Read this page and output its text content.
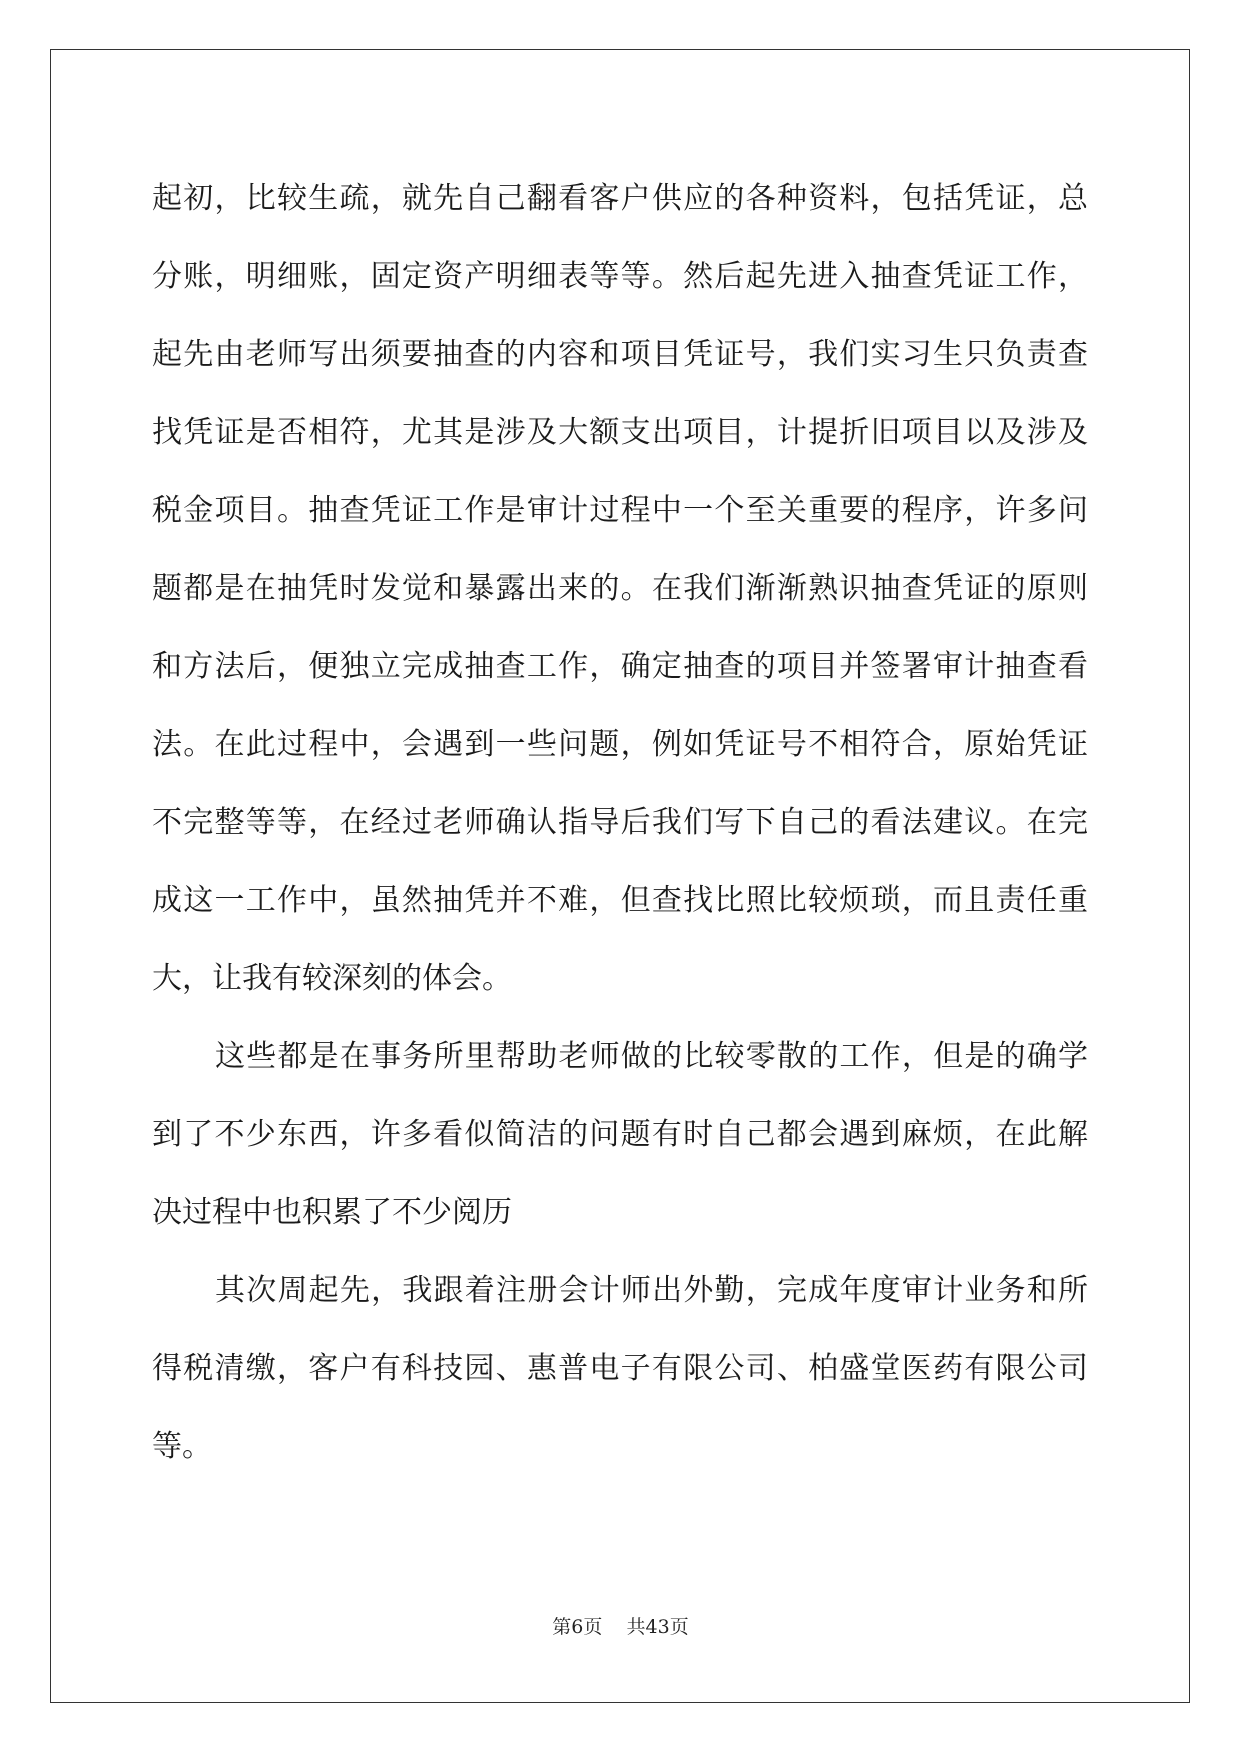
起初，比较生疏，就先自己翻看客户供应的各种资料，包括凭证，总
分账，明细账，固定资产明细表等等。然后起先进入抽查凭证工作，
起先由老师写出须要抽查的内容和项目凭证号，我们实习生只负责查
找凭证是否相符，尤其是涉及大额支出项目，计提折旧项目以及涉及
税金项目。抽查凭证工作是审计过程中一个至关重要的程序，许多问
题都是在抽凭时发觉和暴露出来的。在我们渐渐熟识抽查凭证的原则
和方法后，便独立完成抽查工作，确定抽查的项目并签署审计抽查看
法。在此过程中，会遇到一些问题，例如凭证号不相符合，原始凭证
不完整等等，在经过老师确认指导后我们写下自己的看法建议。在完
成这一工作中，虽然抽凭并不难，但查找比照比较烦琐，而且责任重
大，让我有较深刻的体会。
这些都是在事务所里帮助老师做的比较零散的工作，但是的确学
到了不少东西，许多看似简洁的问题有时自己都会遇到麻烦，在此解
决过程中也积累了不少阅历
其次周起先，我跟着注册会计师出外勤，完成年度审计业务和所
得税清缴，客户有科技园、惠普电子有限公司、柏盛堂医药有限公司
等。
第6页 共43页
